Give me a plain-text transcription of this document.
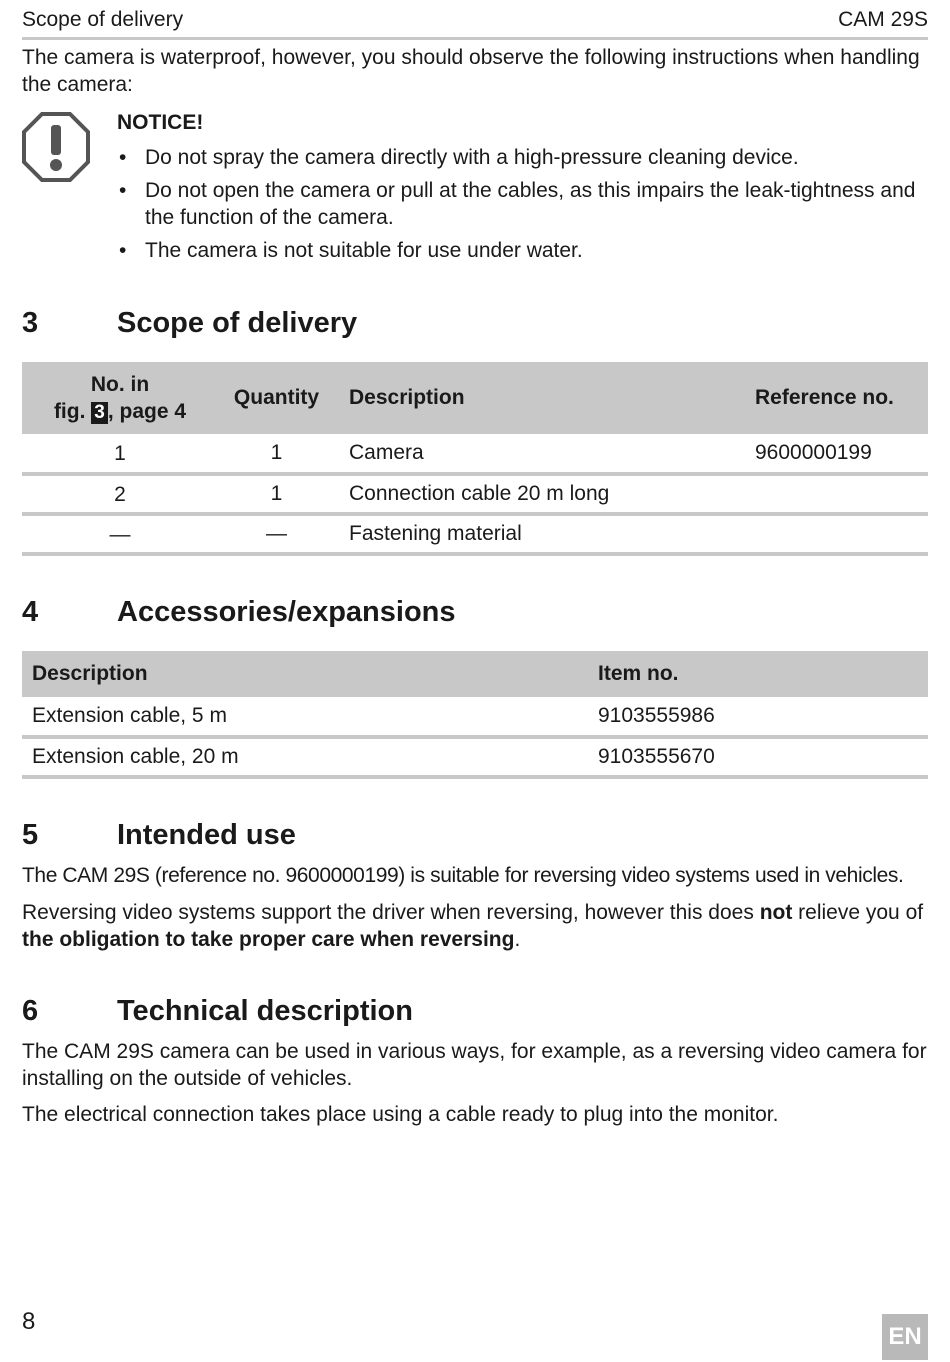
Scope of delivery	CAM 29S
The camera is waterproof, however, you should observe the following instructions when handling the camera:
NOTICE!
• Do not spray the camera directly with a high-pressure cleaning device.
• Do not open the camera or pull at the cables, as this impairs the leak-tightness and the function of the camera.
• The camera is not suitable for use under water.
3	Scope of delivery
No. in
fig. 3 , page 4	Quantity	Description	Reference no.
1	1	Camera	9600000199
2	1	Connection cable 20 m long	
—	—	Fastening material	
4	Accessories/expansions
Description	Item no.
Extension cable, 5 m	9103555986
Extension cable, 20 m	9103555670
5	Intended use
The CAM 29S (reference no. 9600000199) is suitable for reversing video systems used in vehicles.
Reversing video systems support the driver when reversing, however this does not relieve you of the obligation to take proper care when reversing.
6	Technical description
The CAM 29S camera can be used in various ways, for example, as a reversing video camera for installing on the outside of vehicles.
The electrical connection takes place using a cable ready to plug into the monitor.
8
EN
